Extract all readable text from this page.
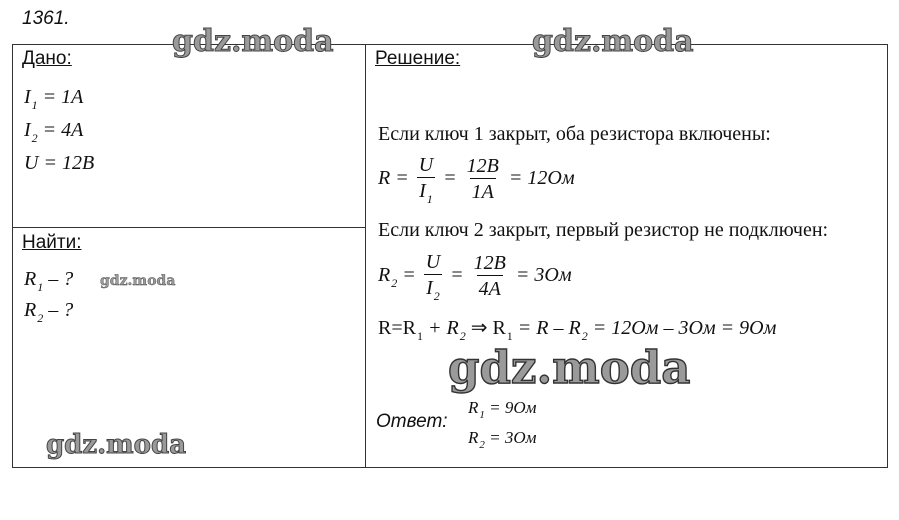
1361.
Дано:
$I_1 = 1A$
$I_2 = 4A$
U = 12B
Найти:
$R_1$ – ?
$R_2$ – ?
Решение:
Если ключ 1 закрыт, оба резистора включены:
$R = \frac{U}{I_1} = \frac{12B}{1A} = 12Ом$
Если ключ 2 закрыт, первый резистор не подключен:
$R_2 = \frac{U}{I_2} = \frac{12B}{4A} = 3Ом$
$R=R_1 + R_2$ ⇒ $R_1 = R - R_2 = 12Ом - 3Ом = 9Ом$
Ответ:
$R_1 = 9Ом$
$R_2 = 3Ом$
gdz.moda	gdz.moda
gdz.moda
gdz.moda
gdz.moda
